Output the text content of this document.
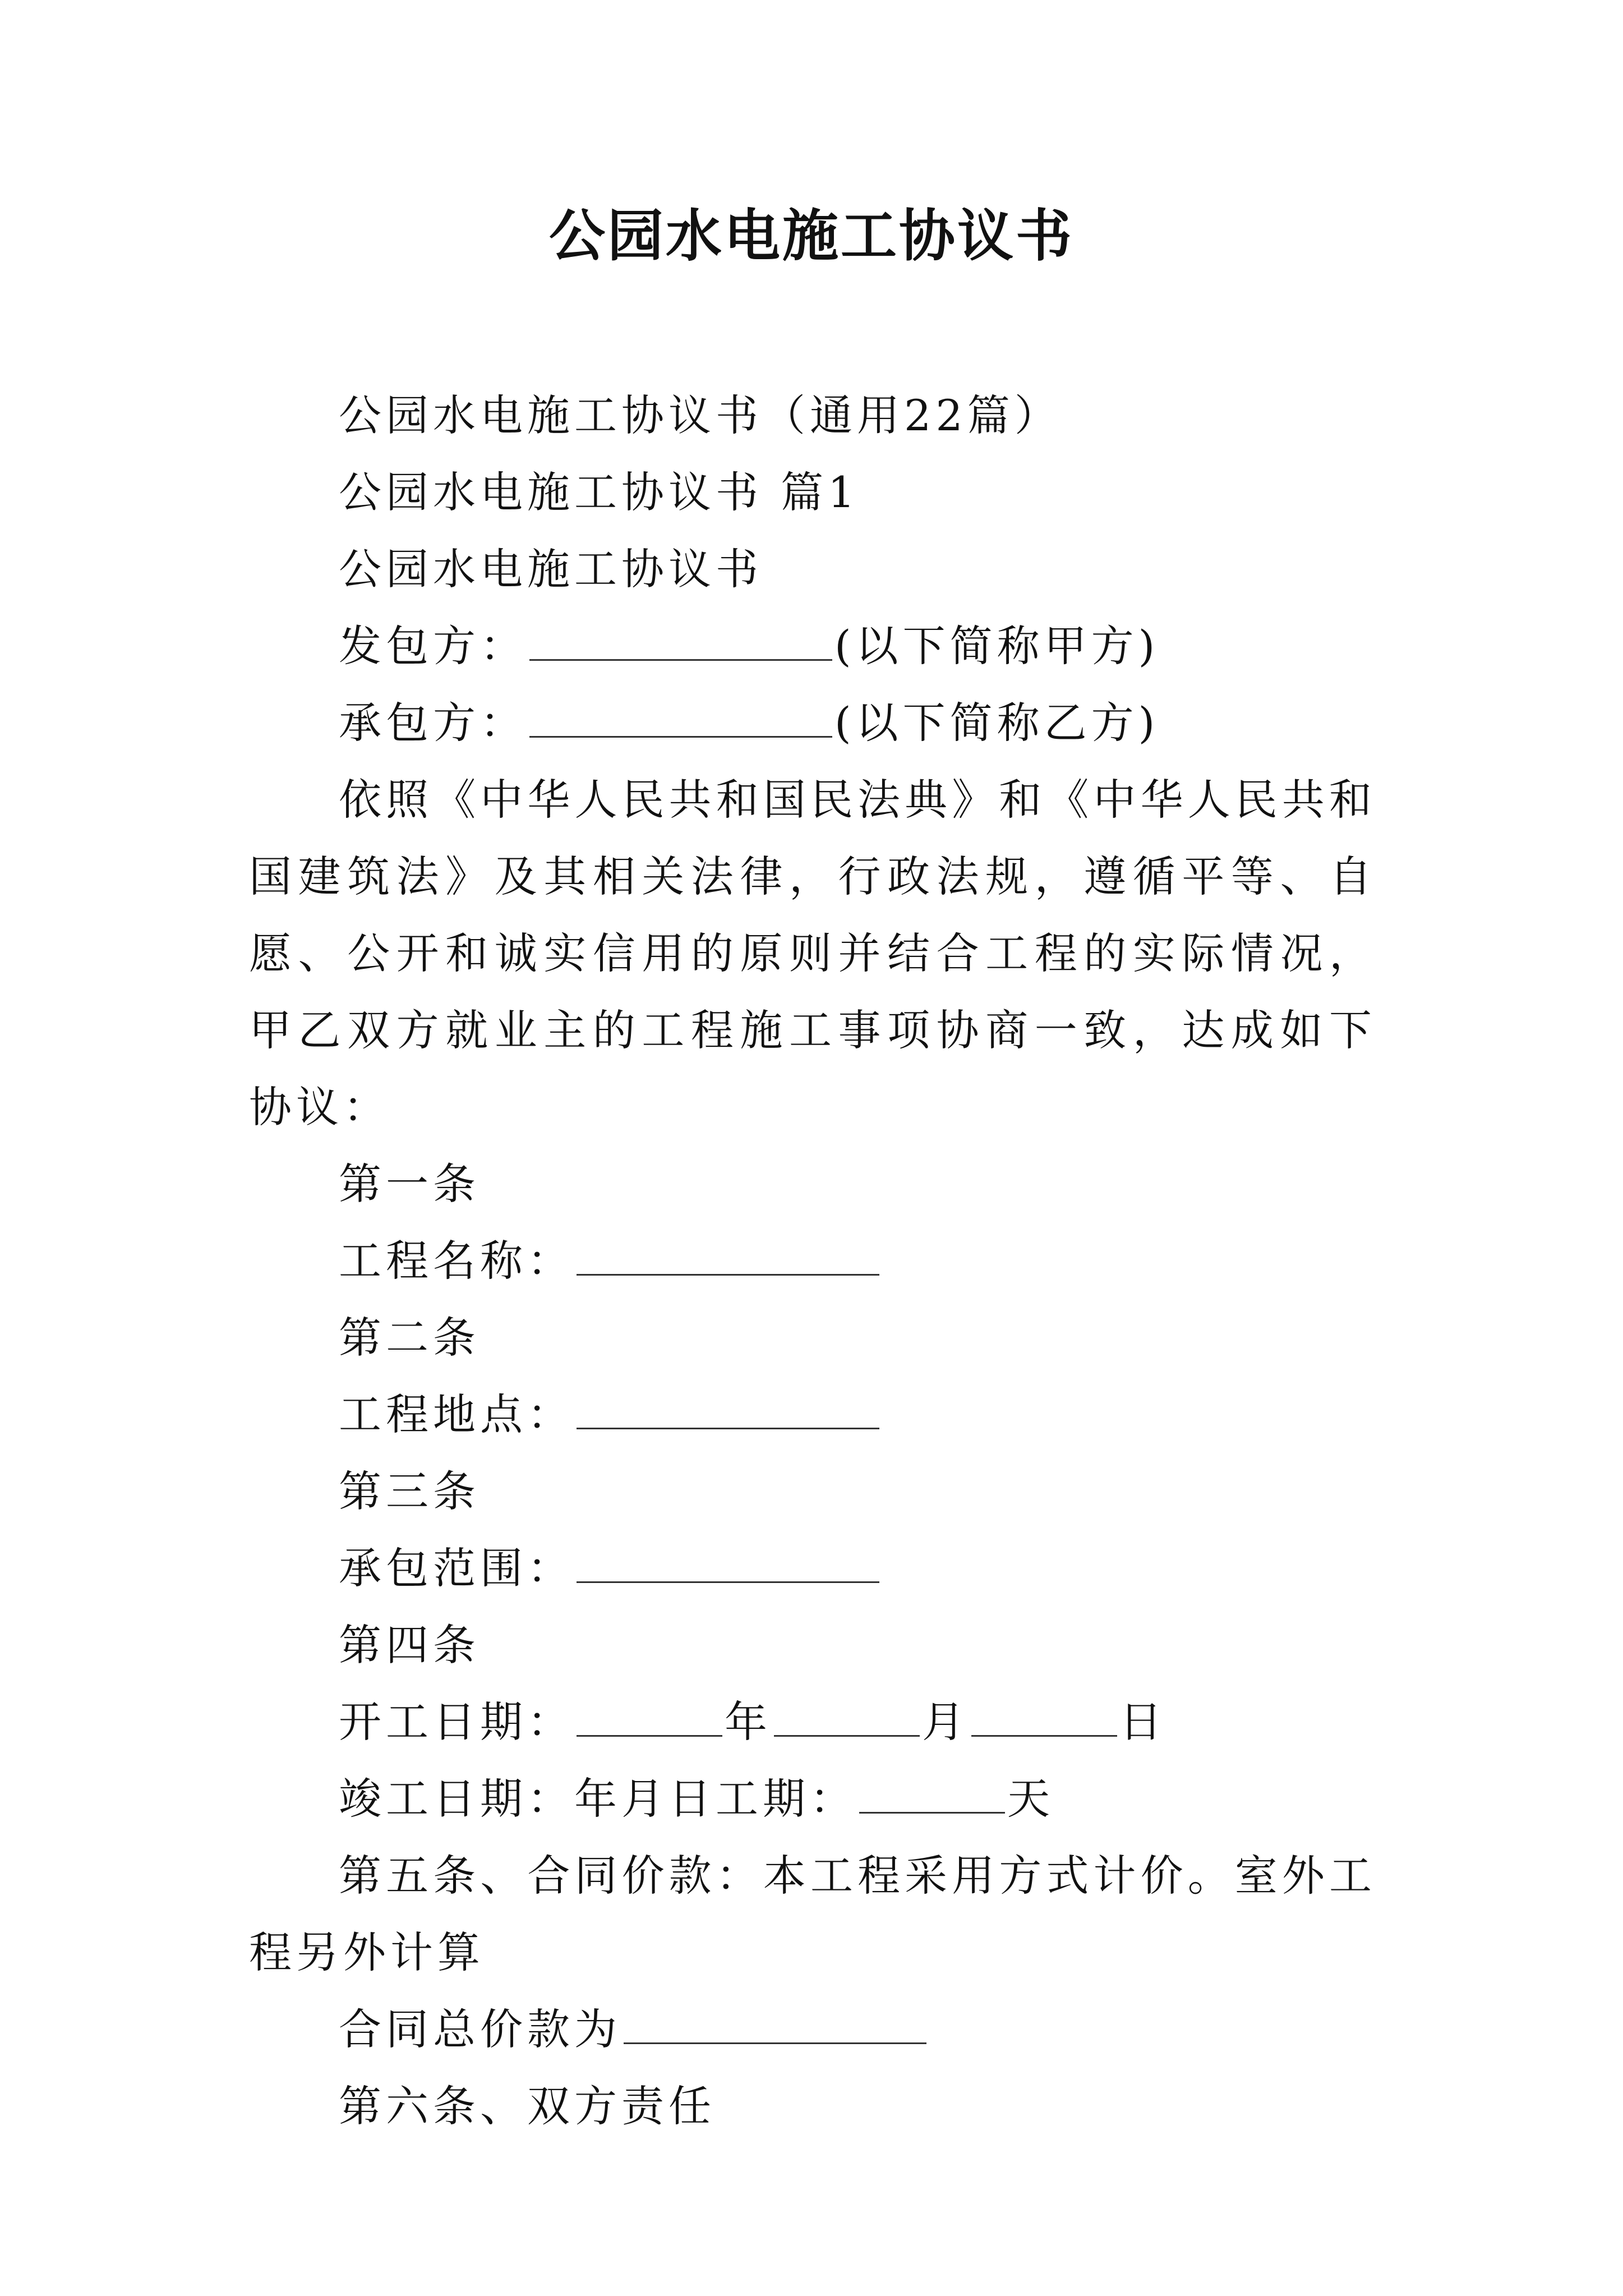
公园水电施工协议书

公园水电施工协议书（通用22篇）

公园水电施工协议书 篇1

公园水电施工协议书

发包方：	(以下简称甲方)

承包方：	(以下简称乙方)

依照《中华人民共和国民法典》和《中华人民共和国建筑法》及其相关法律，行政法规，遵循平等、自愿、公开和诚实信用的原则并结合工程的实际情况，甲乙双方就业主的工程施工事项协商一致，达成如下协议：

第一条

工程名称：

第二条

工程地点：

第三条

承包范围：

第四条

开工日期：	年	月	日

竣工日期：年月日工期：	天

第五条、合同价款：本工程采用方式计价。室外工程另外计算

合同总价款为

第六条、双方责任
